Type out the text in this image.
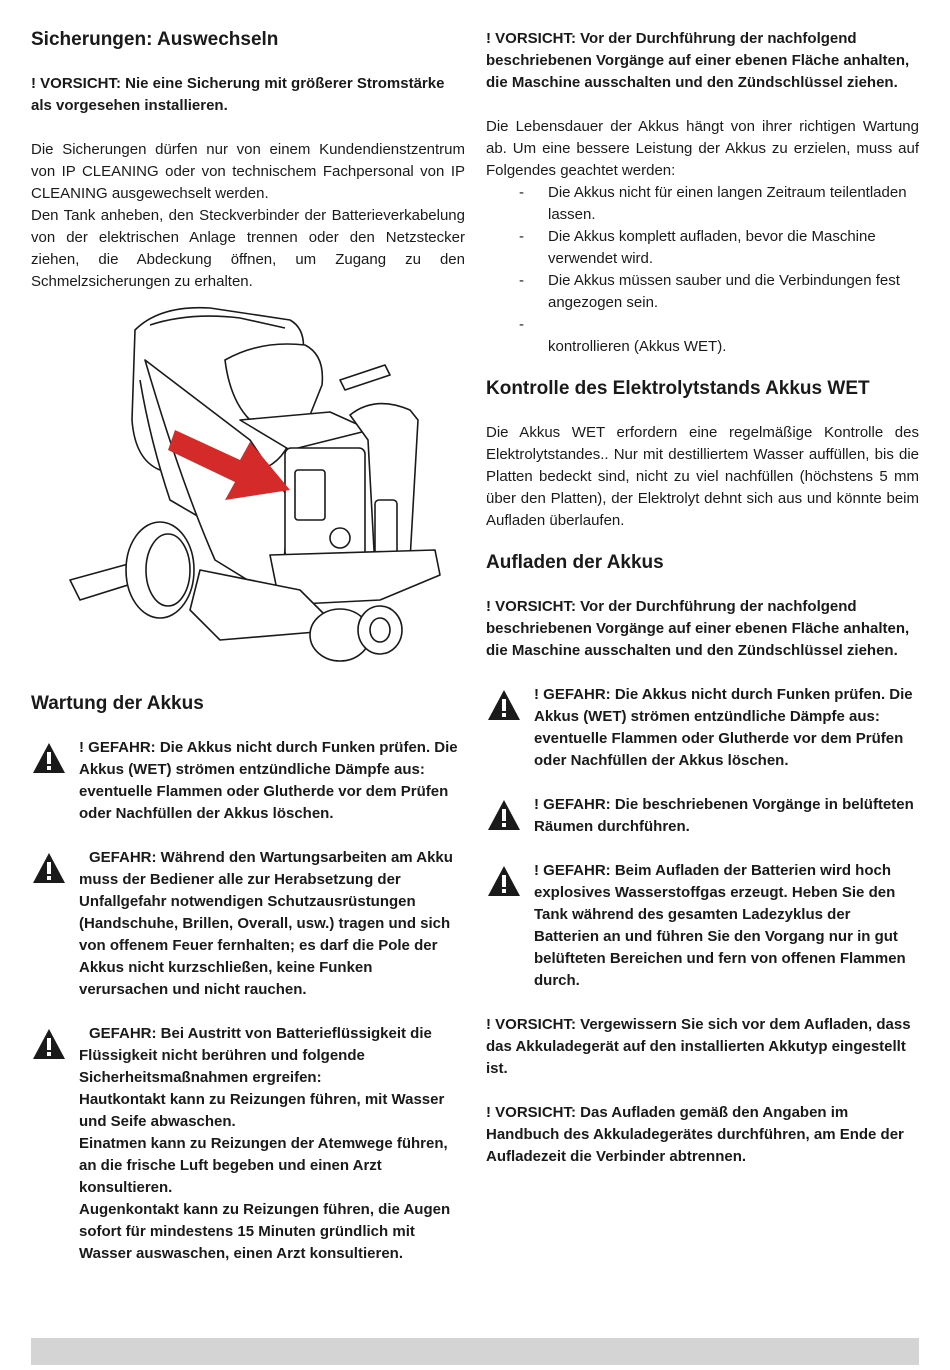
Sicherungen: Auswechseln

! VORSICHT: Nie eine Sicherung mit größerer Stromstärke als vorgesehen installieren.

Die Sicherungen dürfen nur von einem Kundendienstzentrum von IP CLEANING oder von technischem Fachpersonal von IP CLEANING ausgewechselt werden.

Den Tank anheben, den Steckverbinder der Batterieverkabelung von der elektrischen Anlage trennen oder den Netzstecker ziehen, die Abdeckung öffnen, um Zugang zu den Schmelzsicherungen zu erhalten.

Wartung der Akkus

! GEFAHR: Die Akkus nicht durch Funken prüfen. Die Akkus (WET) strömen entzündliche Dämpfe aus: eventuelle Flammen oder Glutherde vor dem Prüfen oder Nachfüllen der Akkus löschen.

GEFAHR: Während den Wartungsarbeiten am Akku muss der Bediener alle zur Herabsetzung der Unfallgefahr notwendigen Schutzausrüstungen (Handschuhe, Brillen, Overall, usw.) tragen und sich von offenem Feuer fernhalten; es darf die Pole der Akkus nicht kurzschließen, keine Funken verursachen und nicht rauchen.

GEFAHR: Bei Austritt von Batterieflüssigkeit die Flüssigkeit nicht berühren und folgende Sicherheitsmaßnahmen ergreifen:

Hautkontakt kann zu Reizungen führen, mit Wasser und Seife abwaschen.

Einatmen kann zu Reizungen der Atemwege führen, an die frische Luft begeben und einen Arzt konsultieren.

Augenkontakt kann zu Reizungen führen, die Augen sofort für mindestens 15 Minuten gründlich mit Wasser auswaschen, einen Arzt konsultieren.

! VORSICHT: Vor der Durchführung der nachfolgend beschriebenen Vorgänge auf einer ebenen Fläche anhalten, die Maschine ausschalten und den Zündschlüssel ziehen.

Die Lebensdauer der Akkus hängt von ihrer richtigen Wartung ab. Um eine bessere Leistung der Akkus zu erzielen, muss auf Folgendes geachtet werden:

- Die Akkus nicht für einen langen Zeitraum teilentladen lassen.
- Die Akkus komplett aufladen, bevor die Maschine verwendet wird.
- Die Akkus müssen sauber und die Verbindungen fest angezogen sein.
-

kontrollieren (Akkus WET).
Kontrolle des Elektrolytstands Akkus WET

Die Akkus WET erfordern eine regelmäßige Kontrolle des Elektrolytstandes.. Nur mit destilliertem Wasser auffüllen, bis die Platten bedeckt sind, nicht zu viel nachfüllen (höchstens 5 mm über den Platten), der Elektrolyt dehnt sich aus und könnte beim Aufladen überlaufen.

Aufladen der Akkus

! VORSICHT: Vor der Durchführung der nachfolgend beschriebenen Vorgänge auf einer ebenen Fläche anhalten, die Maschine ausschalten und den Zündschlüssel ziehen.

! GEFAHR: Die Akkus nicht durch Funken prüfen. Die Akkus (WET) strömen entzündliche Dämpfe aus: eventuelle Flammen oder Glutherde vor dem Prüfen oder Nachfüllen der Akkus löschen.

! GEFAHR: Die beschriebenen Vorgänge in belüfteten Räumen durchführen.

! GEFAHR: Beim Aufladen der Batterien wird hoch explosives Wasserstoffgas erzeugt. Heben Sie den Tank während des gesamten Ladezyklus der Batterien an und führen Sie den Vorgang nur in gut belüfteten Bereichen und fern von offenen Flammen durch.

! VORSICHT: Vergewissern Sie sich vor dem Aufladen, dass das Akkuladegerät auf den installierten Akkutyp eingestellt ist.

! VORSICHT: Das Aufladen gemäß den Angaben im Handbuch des Akkuladegerätes durchführen, am Ende der Aufladezeit die Verbinder abtrennen.
